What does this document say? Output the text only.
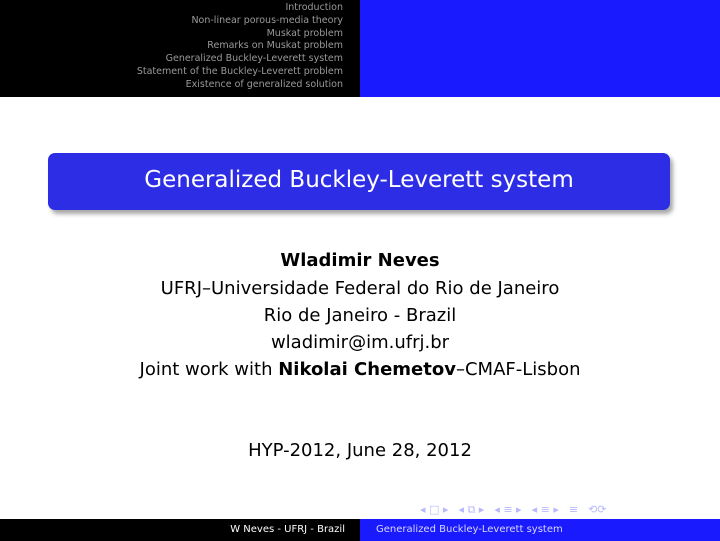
Introduction
Non-linear porous-media theory
Muskat problem
Remarks on Muskat problem
Generalized Buckley-Leverett system
Statement of the Buckley-Leverett problem
Existence of generalized solution
Generalized Buckley-Leverett system
Wladimir Neves
UFRJ–Universidade Federal do Rio de Janeiro
Rio de Janeiro - Brazil
wladimir@im.ufrj.br
Joint work with Nikolai Chemetov–CMAF-Lisbon
HYP-2012, June 28, 2012
◂ □ ▸ ◂ ⧉ ▸ ◂ ≡ ▸ ◂ ≡ ▸ ≡ ⟲⟳
W Neves - UFRJ - Brazil	Generalized Buckley-Leverett system
